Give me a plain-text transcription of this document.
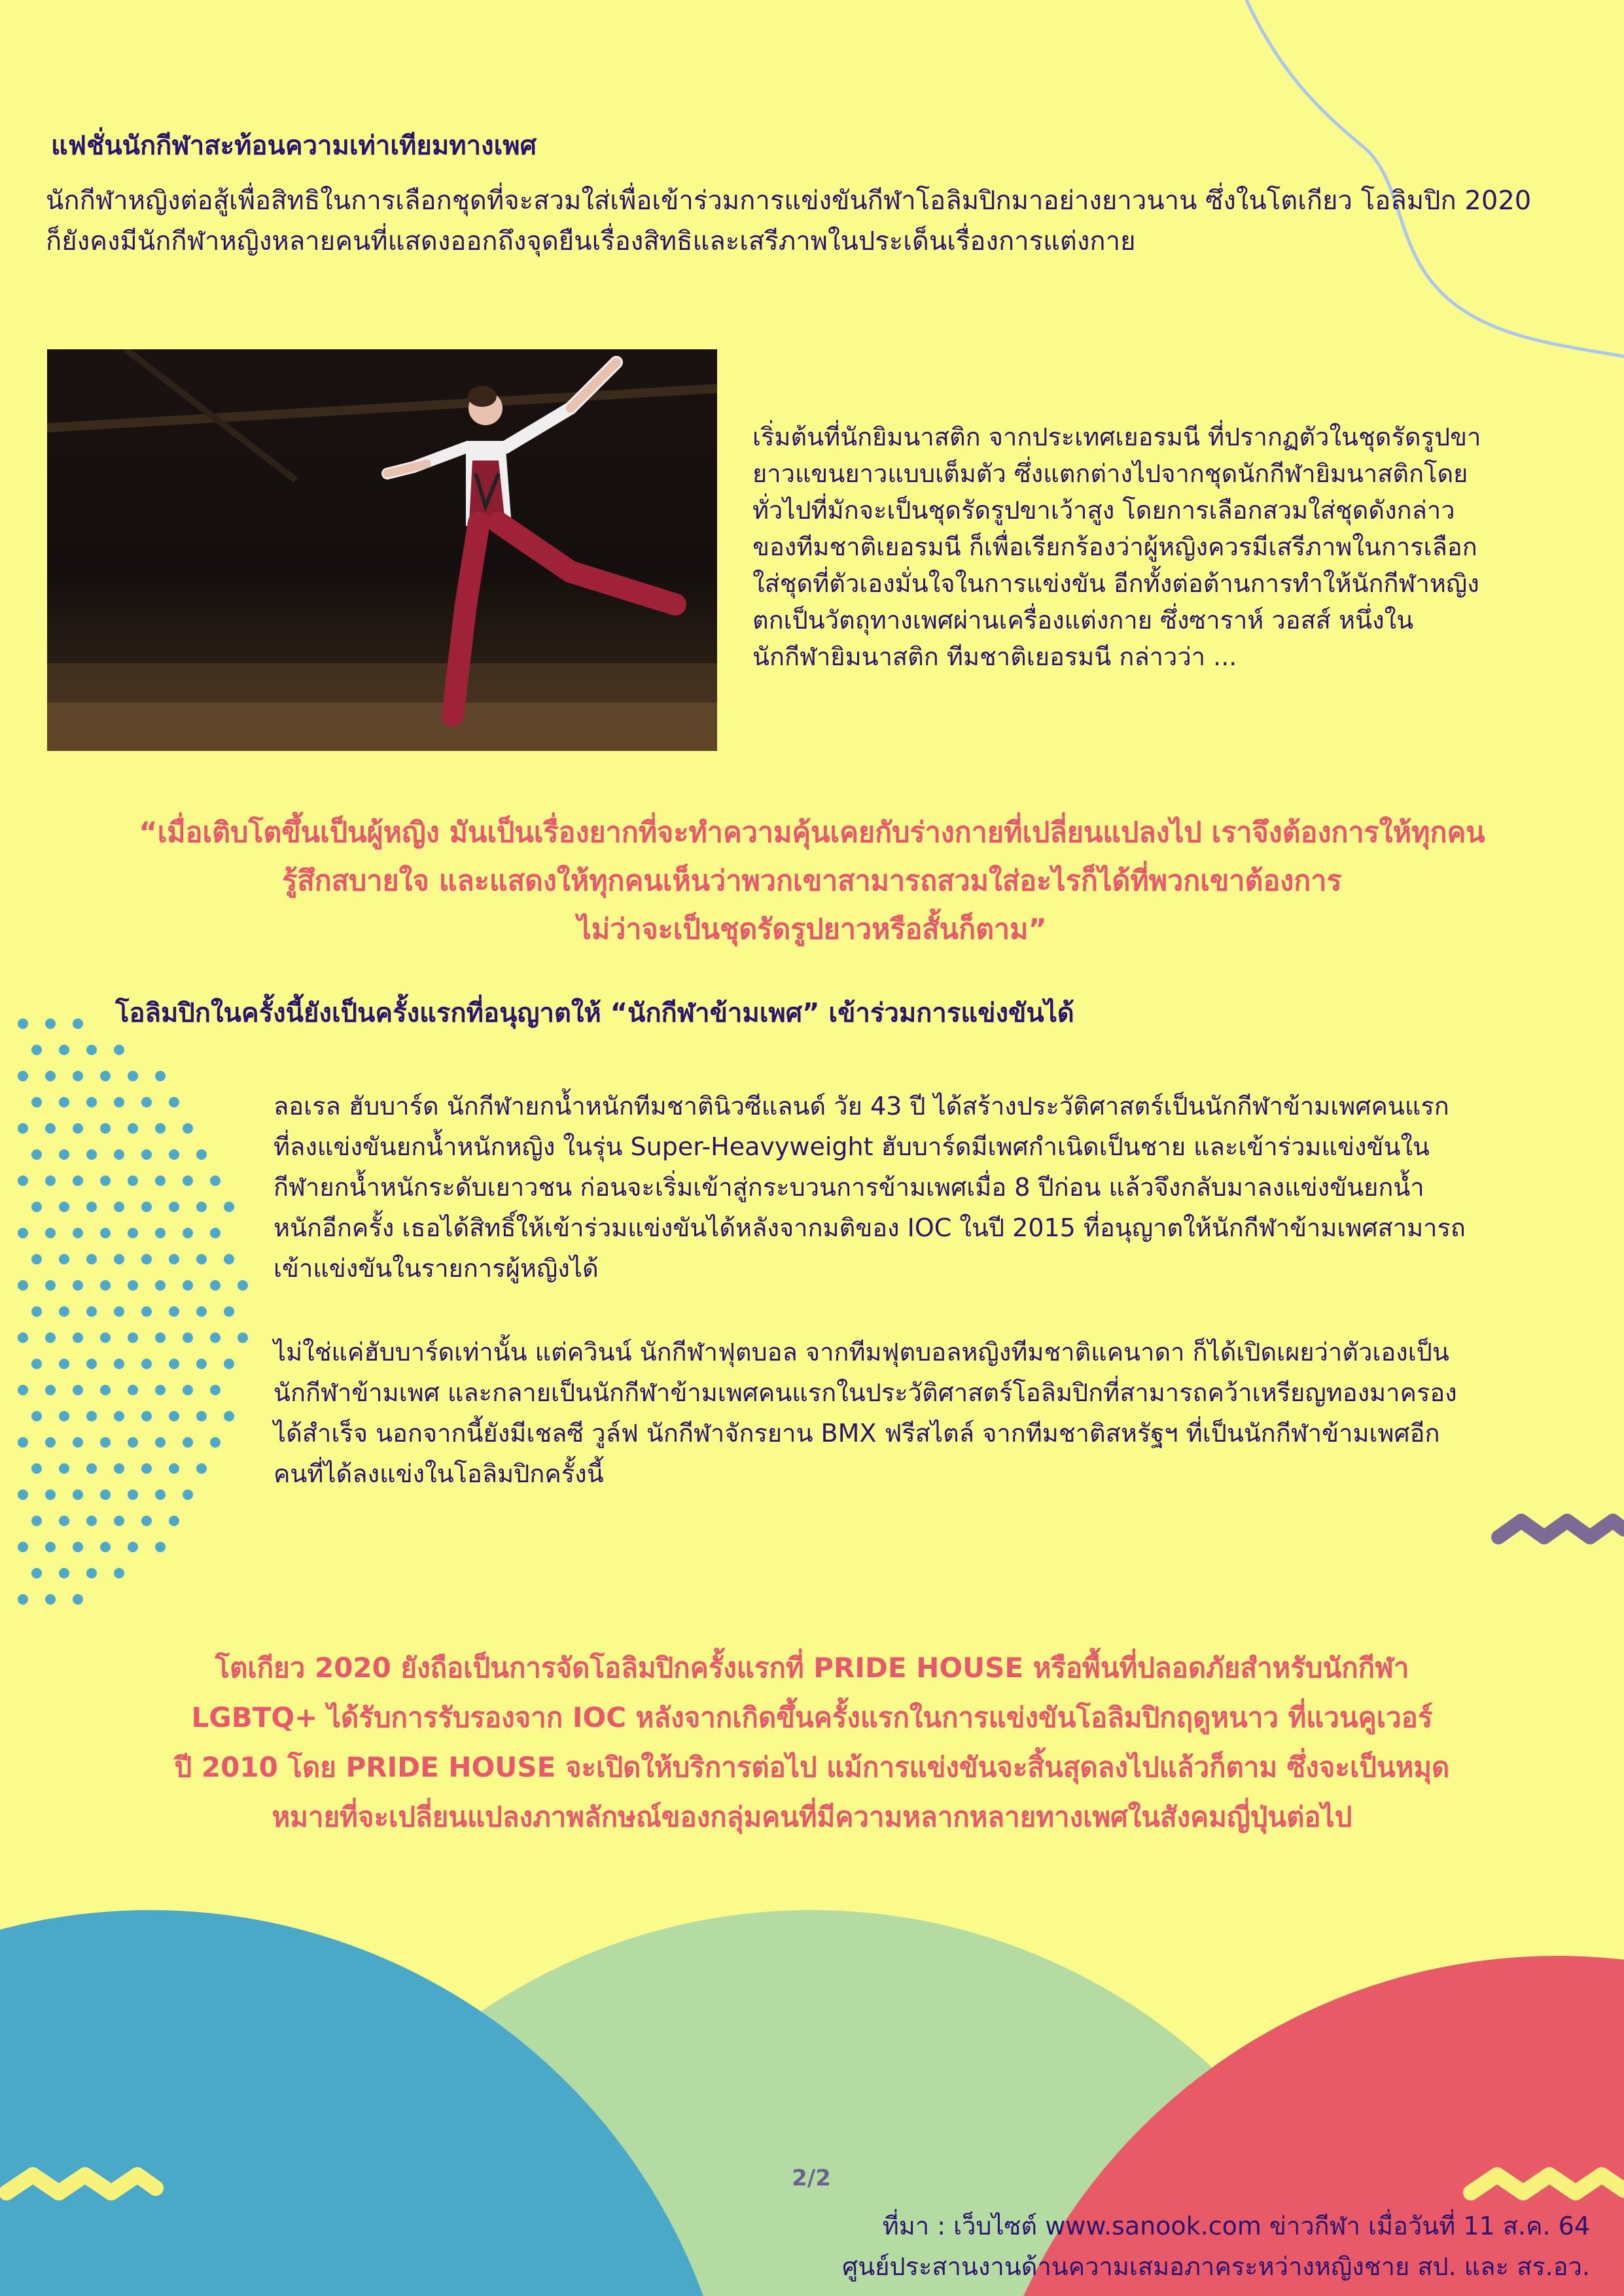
แฟชั่นนักกีฬาสะท้อนความเท่าเทียมทางเพศ
นักกีฬาหญิงต่อสู้เพื่อสิทธิในการเลือกชุดที่จะสวมใส่เพื่อเข้าร่วมการแข่งขันกีฬาโอลิมปิกมาอย่างยาวนาน ซึ่งในโตเกียว โอลิมปิก 2020
ก็ยังคงมีนักกีฬาหญิงหลายคนที่แสดงออกถึงจุดยืนเรื่องสิทธิและเสรีภาพในประเด็นเรื่องการแต่งกาย
เริ่มต้นที่นักยิมนาสติก จากประเทศเยอรมนี ที่ปรากฏตัวในชุดรัดรูปขา
ยาวแขนยาวแบบเต็มตัว ซึ่งแตกต่างไปจากชุดนักกีฬายิมนาสติกโดย
ทั่วไปที่มักจะเป็นชุดรัดรูปขาเว้าสูง โดยการเลือกสวมใส่ชุดดังกล่าว
ของทีมชาติเยอรมนี ก็เพื่อเรียกร้องว่าผู้หญิงควรมีเสรีภาพในการเลือก
ใส่ชุดที่ตัวเองมั่นใจในการแข่งขัน อีกทั้งต่อต้านการทำให้นักกีฬาหญิง
ตกเป็นวัตถุทางเพศผ่านเครื่องแต่งกาย ซึ่งซาราห์ วอสส์ หนึ่งใน
นักกีฬายิมนาสติก ทีมชาติเยอรมนี กล่าวว่า ...
“เมื่อเติบโตขึ้นเป็นผู้หญิง มันเป็นเรื่องยากที่จะทำความคุ้นเคยกับร่างกายที่เปลี่ยนแปลงไป เราจึงต้องการให้ทุกคน
รู้สึกสบายใจ และแสดงให้ทุกคนเห็นว่าพวกเขาสามารถสวมใส่อะไรก็ได้ที่พวกเขาต้องการ
ไม่ว่าจะเป็นชุดรัดรูปยาวหรือสั้นก็ตาม”
โอลิมปิกในครั้งนี้ยังเป็นครั้งแรกที่อนุญาตให้ “นักกีฬาข้ามเพศ” เข้าร่วมการแข่งขันได้
ลอเรล ฮับบาร์ด นักกีฬายกน้ำหนักทีมชาตินิวซีแลนด์ วัย 43 ปี ได้สร้างประวัติศาสตร์เป็นนักกีฬาข้ามเพศคนแรก
ที่ลงแข่งขันยกน้ำหนักหญิง ในรุ่น Super-Heavyweight ฮับบาร์ดมีเพศกำเนิดเป็นชาย และเข้าร่วมแข่งขันใน
กีฬายกน้ำหนักระดับเยาวชน ก่อนจะเริ่มเข้าสู่กระบวนการข้ามเพศเมื่อ 8 ปีก่อน แล้วจึงกลับมาลงแข่งขันยกน้ำ
หนักอีกครั้ง เธอได้สิทธิ์ให้เข้าร่วมแข่งขันได้หลังจากมติของ IOC ในปี 2015 ที่อนุญาตให้นักกีฬาข้ามเพศสามารถ
เข้าแข่งขันในรายการผู้หญิงได้
ไม่ใช่แค่ฮับบาร์ดเท่านั้น แต่ควินน์ นักกีฬาฟุตบอล จากทีมฟุตบอลหญิงทีมชาติแคนาดา ก็ได้เปิดเผยว่าตัวเองเป็น
นักกีฬาข้ามเพศ และกลายเป็นนักกีฬาข้ามเพศคนแรกในประวัติศาสตร์โอลิมปิกที่สามารถคว้าเหรียญทองมาครอง
ได้สำเร็จ นอกจากนี้ยังมีเชลซี วูล์ฟ นักกีฬาจักรยาน BMX ฟรีสไตล์ จากทีมชาติสหรัฐฯ ที่เป็นนักกีฬาข้ามเพศอีก
คนที่ได้ลงแข่งในโอลิมปิกครั้งนี้
โตเกียว 2020 ยังถือเป็นการจัดโอลิมปิกครั้งแรกที่ PRIDE HOUSE หรือพื้นที่ปลอดภัยสำหรับนักกีฬา
LGBTQ+ ได้รับการรับรองจาก IOC หลังจากเกิดขึ้นครั้งแรกในการแข่งขันโอลิมปิกฤดูหนาว ที่แวนคูเวอร์
ปี 2010 โดย PRIDE HOUSE จะเปิดให้บริการต่อไป แม้การแข่งขันจะสิ้นสุดลงไปแล้วก็ตาม ซึ่งจะเป็นหมุด
หมายที่จะเปลี่ยนแปลงภาพลักษณ์ของกลุ่มคนที่มีความหลากหลายทางเพศในสังคมญี่ปุ่นต่อไป
2/2
ที่มา : เว็บไซต์ www.sanook.com ข่าวกีฬา เมื่อวันที่ 11 ส.ค. 64
ศูนย์ประสานงานด้านความเสมอภาคระหว่างหญิงชาย สป. และ สร.อว.
